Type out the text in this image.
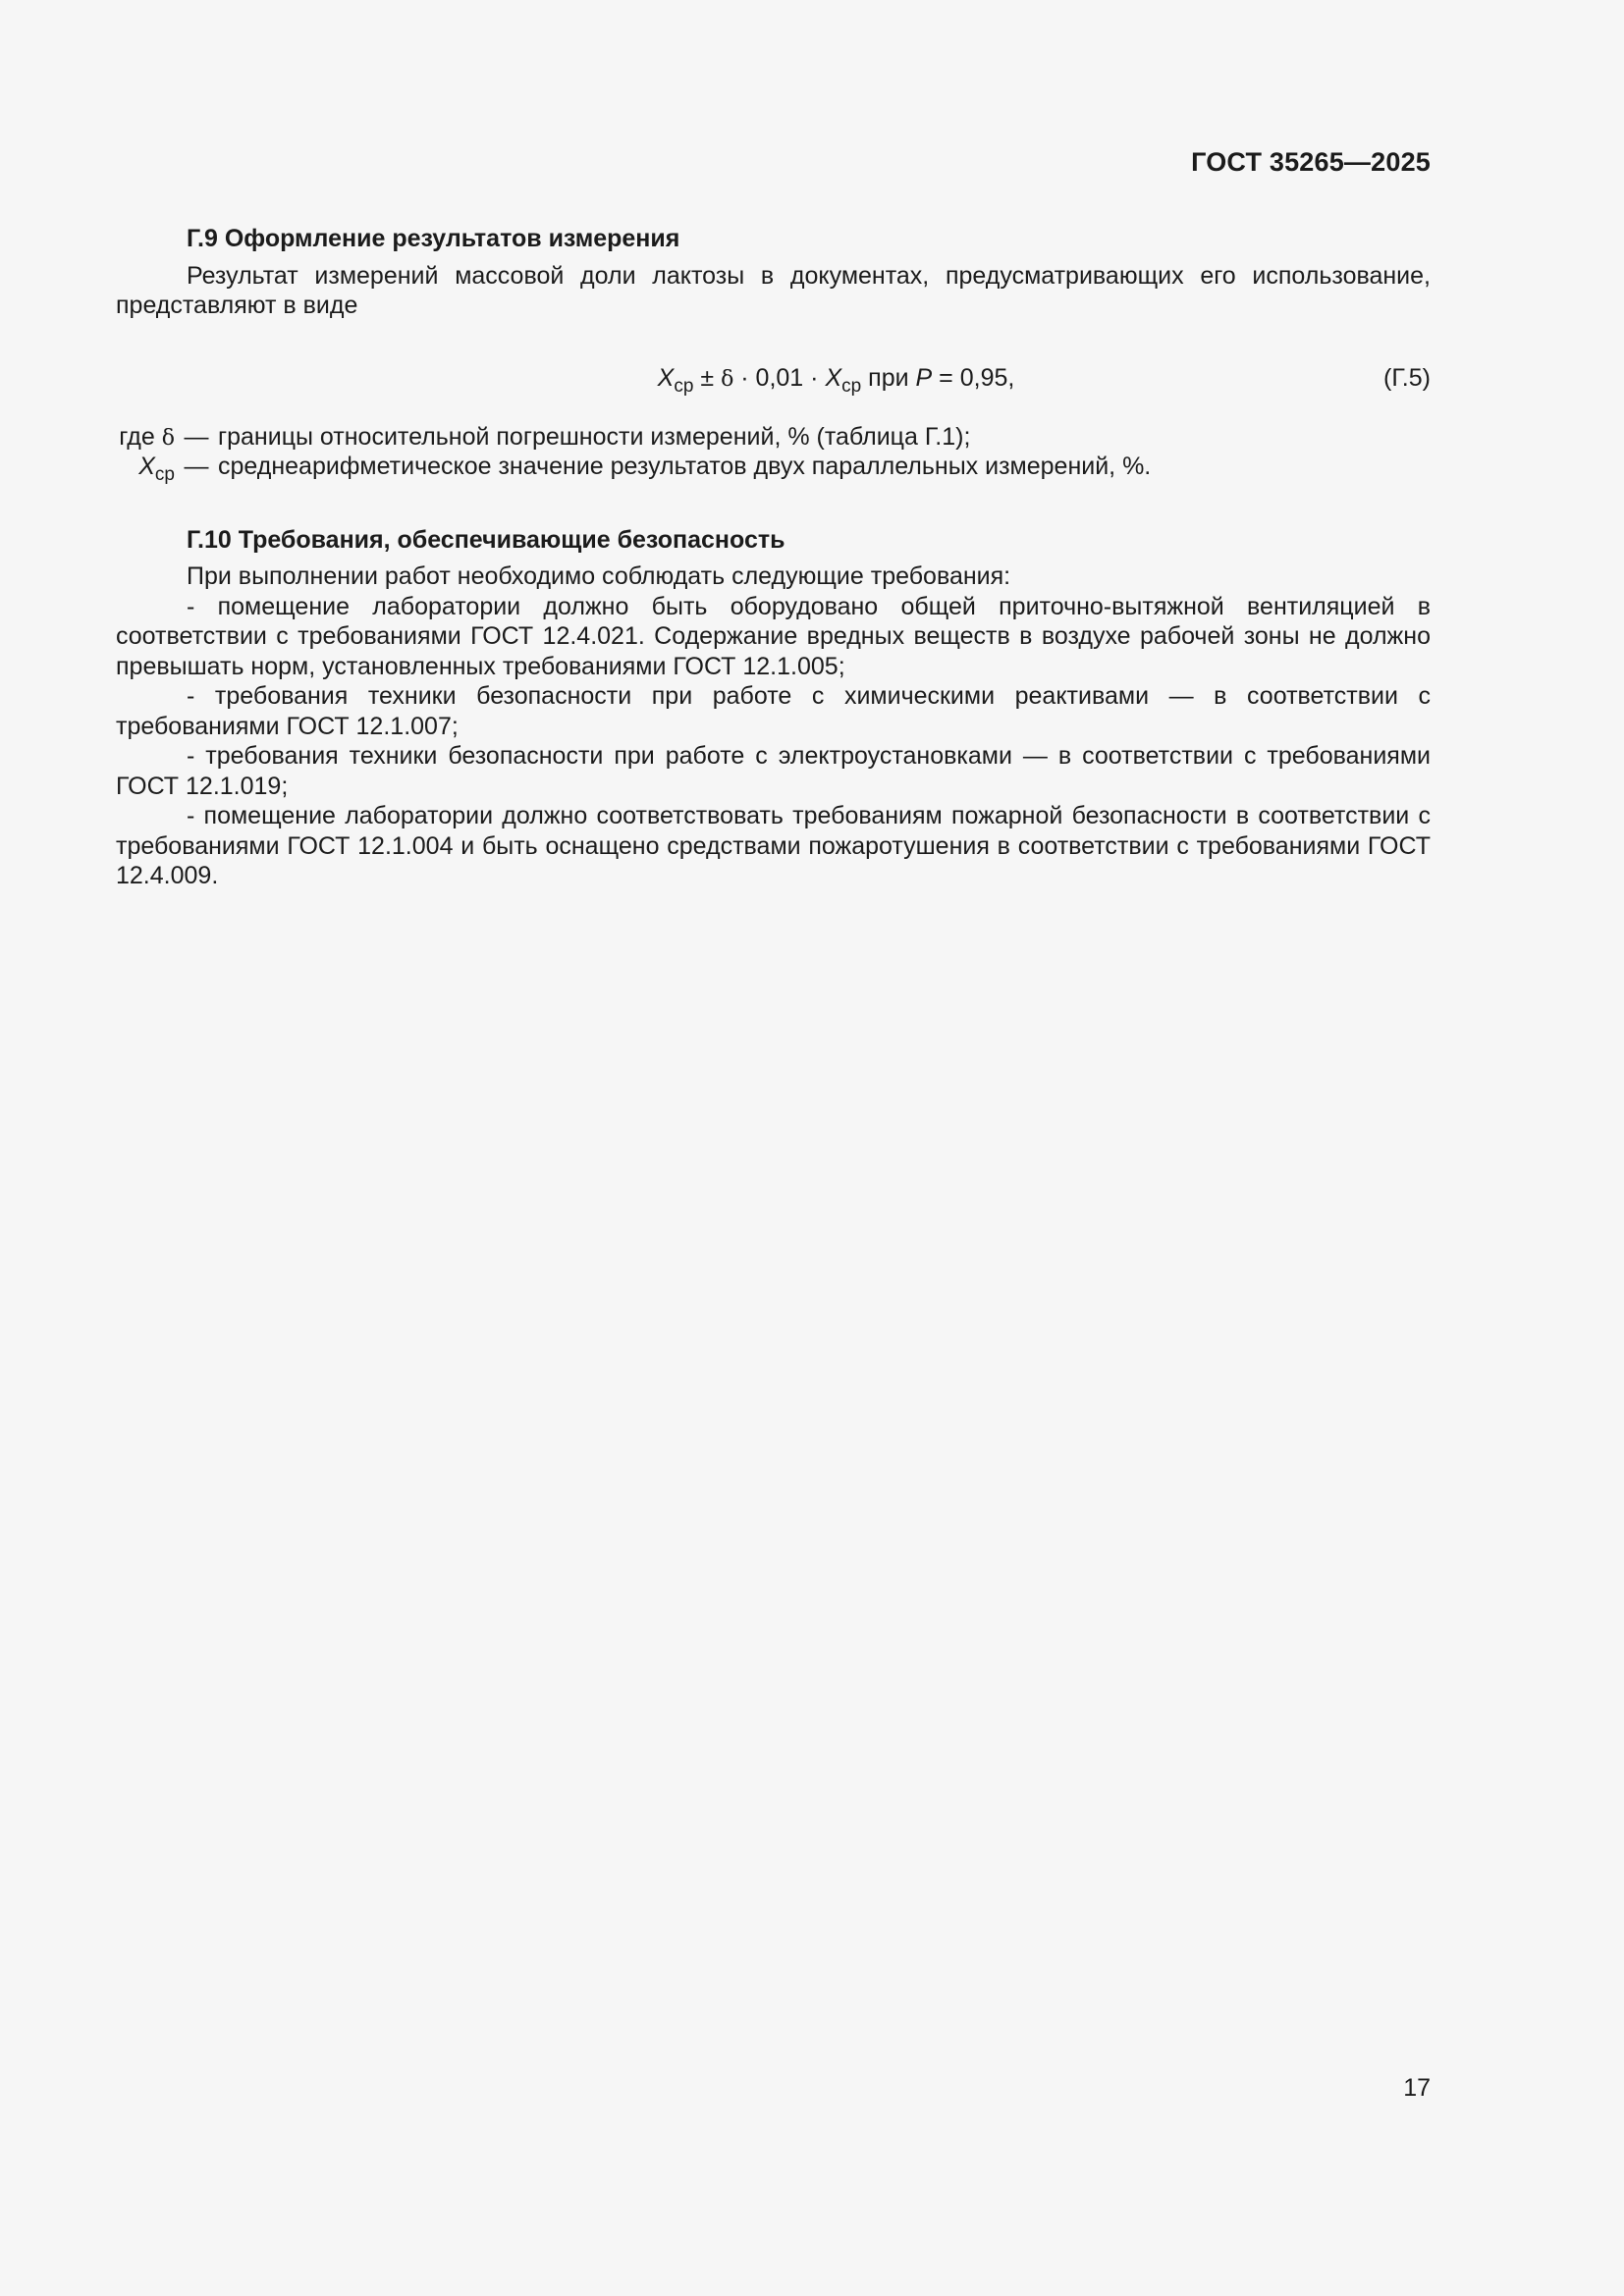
ГОСТ 35265—2025

Г.9 Оформление результатов измерения

Результат измерений массовой доли лактозы в документах, предусматривающих его использование, представляют в виде

$X_{ср} \pm \delta \cdot 0,01 \cdot X_{ср}$ при P = 0,95,	(Г.5)
где δ — границы относительной погрешности измерений, % (таблица Г.1);
$X_{ср}$ — среднеарифметическое значение результатов двух параллельных измерений, %.

Г.10 Требования, обеспечивающие безопасность

При выполнении работ необходимо соблюдать следующие требования:

- помещение лаборатории должно быть оборудовано общей приточно-вытяжной вентиляцией в соответствии с требованиями ГОСТ 12.4.021. Содержание вредных веществ в воздухе рабочей зоны не должно превышать норм, установленных требованиями ГОСТ 12.1.005;

- требования техники безопасности при работе с химическими реактивами — в соответствии с требованиями ГОСТ 12.1.007;

- требования техники безопасности при работе с электроустановками — в соответствии с требованиями ГОСТ 12.1.019;

- помещение лаборатории должно соответствовать требованиям пожарной безопасности в соответствии с требованиями ГОСТ 12.1.004 и быть оснащено средствами пожаротушения в соответствии с требованиями ГОСТ 12.4.009.

17
